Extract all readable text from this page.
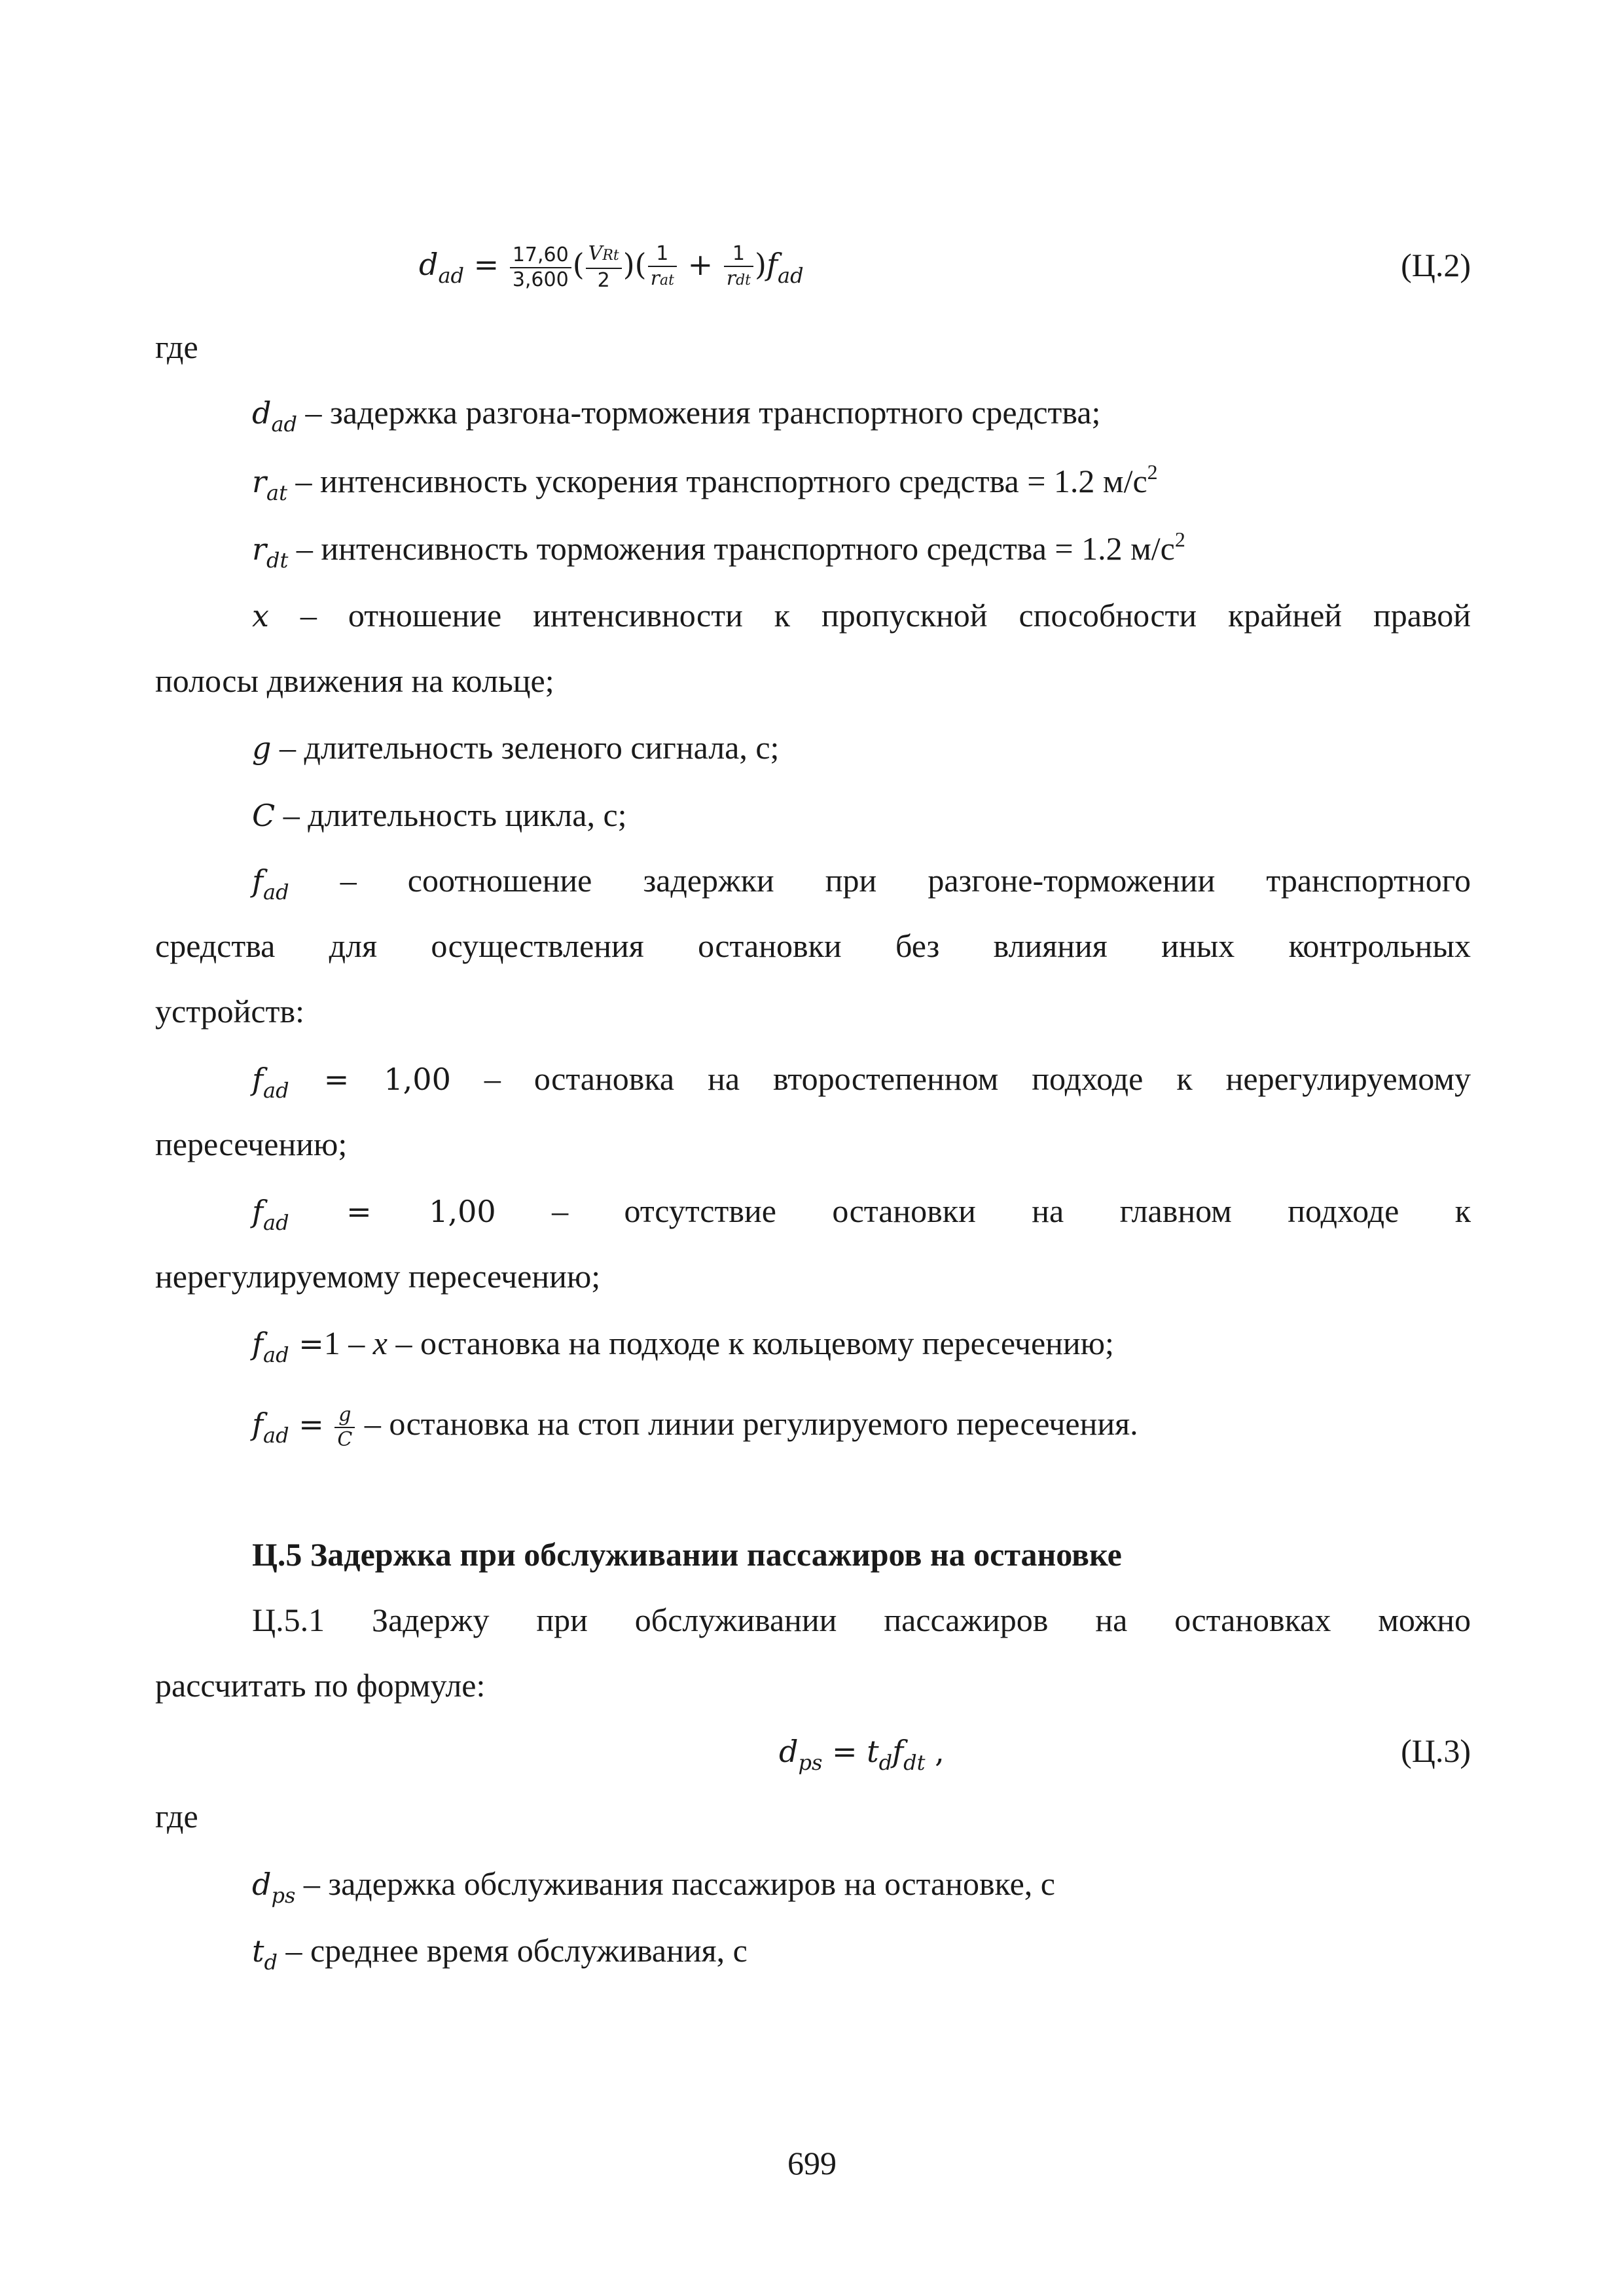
$d_{ad} = \frac{17,60}{3,600}$ ( $\frac{\text{VRt}}{2}$ )( $\frac{1}{\text{rat}} + \frac{1}{\text{rdt}} )f_{ad}$	(Ц.2)
где
$d_{ad}$ – задержка разгона-торможения транспортного средства;
$r_{at}$ – интенсивность ускорения транспортного средства = 1.2 $м/с^2$
$r_{dt}$ – интенсивность торможения транспортного средства = 1.2 $м/с^2$
x – отношение интенсивности к пропускной способности крайней правой
полосы движения на кольце;
g – длительность зеленого сигнала, с;
C – длительность цикла, с;
$f_{ad}$ – соотношение задержки при разгоне-торможении транспортного
средства для осуществления остановки без влияния иных контрольных
устройств:
$f_{ad} = 1,00$ – остановка на второстепенном подходе к нерегулируемому
пересечению;
$f_{ad} = 1,00$ – отсутствие остановки на главном подходе к
нерегулируемому пересечению;
$f_{ad} =1 - x$ – остановка на подходе к кольцевому пересечению;
$f_{ad} = \frac{g}{C}$ – остановка на стоп линии регулируемого пересечения.
Ц.5 Задержка при обслуживании пассажиров на остановке
Ц.5.1 Задержу при обслуживании пассажиров на остановках можно
рассчитать по формуле:
$d_{ps} = t_df_{dt}$ ,	(Ц.3)
где
$d_{ps}$ – задержка обслуживания пассажиров на остановке, с
$t_d$ – среднее время обслуживания, с
699
